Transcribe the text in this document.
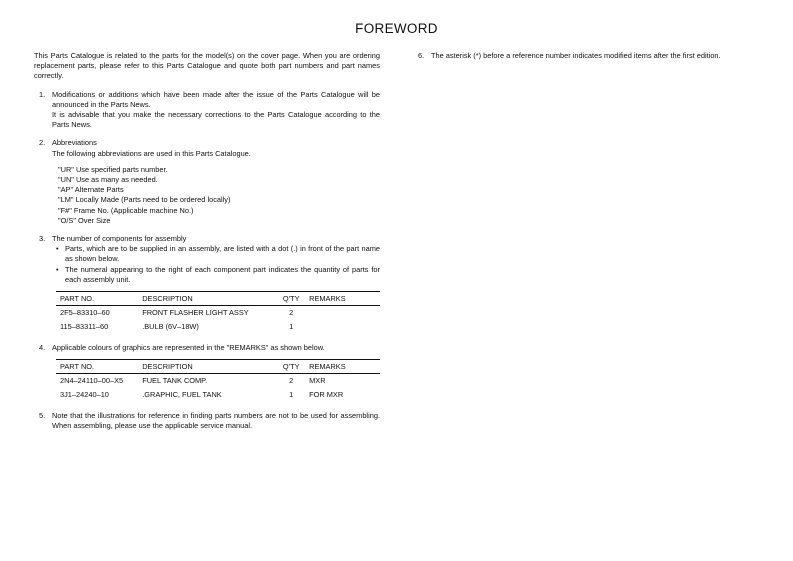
FOREWORD

This Parts Catalogue is related to the parts for the model(s) on the cover page. When you are ordering replacement parts, please refer to this Parts Catalogue and quote both part numbers and part names correctly.

1. Modifications or additions which have been made after the issue of the Parts Catalogue will be announced in the Parts News.

It is advisable that you make the necessary corrections to the Parts Catalogue according to the Parts News.

2. Abbreviations

The following abbreviations are used in this Parts Catalogue.

"UR" Use specified parts number.

"UN" Use as many as needed.

"AP" Alternate Parts

"LM" Locally Made (Parts need to be ordered locally)

"F#" Frame No. (Applicable machine No.)

"O/S" Over Size

3. The number of components for assembly

• Parts, which are to be supplied in an assembly, are listed with a dot (.) in front of the part name as shown below.
• The numeral appearing to the right of each component part indicates the quantity of parts for each assembly unit.
PART NO.	DESCRIPTION	Q'TY	REMARKS
2F5–83310–60	FRONT FLASHER LIGHT ASSY	2	
115–83311–60	.BULB (6V–18W)	1	
4. Applicable colours of graphics are represented in the "REMARKS" as shown below.

PART NO.	DESCRIPTION	Q'TY	REMARKS
2N4–24110–00–X5	FUEL TANK COMP.	2	MXR
3J1–24240–10	.GRAPHIC, FUEL TANK	1	FOR MXR
5. Note that the illustrations for reference in finding parts numbers are not to be used for assembling. When assembling, please use the applicable service manual.

6. The asterisk (*) before a reference number indicates modified items after the first edition.
